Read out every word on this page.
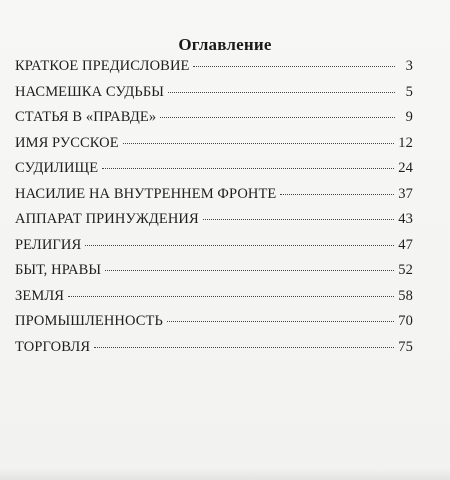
Оглавление
КРАТКОЕ ПРЕДИСЛОВИЕ	3
НАСМЕШКА СУДЬБЫ	5
СТАТЬЯ В «ПРАВДЕ»	9
ИМЯ РУССКОЕ	12
СУДИЛИЩЕ	24
НАСИЛИЕ НА ВНУТРЕННЕМ ФРОНТЕ	37
АППАРАТ ПРИНУЖДЕНИЯ	43
РЕЛИГИЯ	47
БЫТ, НРАВЫ	52
ЗЕМЛЯ	58
ПРОМЫШЛЕННОСТЬ	70
ТОРГОВЛЯ	75
